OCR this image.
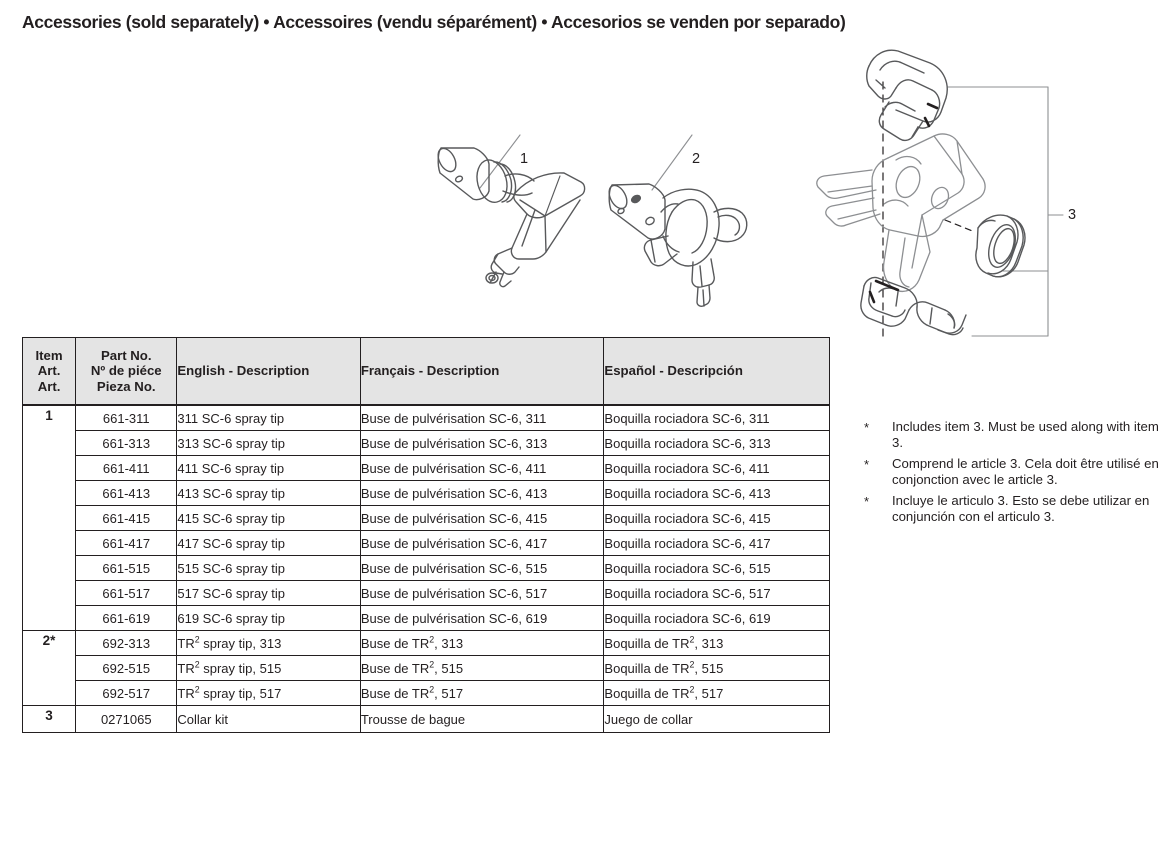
Accessories (sold separately) • Accessoires (vendu séparément) • Accesorios se venden por separado)
1	2
3
Item
Art.
Art.

Part No.
Nº de piéce
Pieza No.
	English - Description	Français - Description	Español - Descripción
1	661-311	311 SC-6 spray tip	Buse de pulvérisation SC-6, 311	Boquilla rociadora SC-6, 311
	661-313	313 SC-6 spray tip	Buse de pulvérisation SC-6, 313	Boquilla rociadora SC-6, 313
	661-411	411 SC-6 spray tip	Buse de pulvérisation SC-6, 411	Boquilla rociadora SC-6, 411
	661-413	413 SC-6 spray tip	Buse de pulvérisation SC-6, 413	Boquilla rociadora SC-6, 413
	661-415	415 SC-6 spray tip	Buse de pulvérisation SC-6, 415	Boquilla rociadora SC-6, 415
	661-417	417 SC-6 spray tip	Buse de pulvérisation SC-6, 417	Boquilla rociadora SC-6, 417
	661-515	515 SC-6 spray tip	Buse de pulvérisation SC-6, 515	Boquilla rociadora SC-6, 515
	661-517	517 SC-6 spray tip	Buse de pulvérisation SC-6, 517	Boquilla rociadora SC-6, 517
	661-619	619 SC-6 spray tip	Buse de pulvérisation SC-6, 619	Boquilla rociadora SC-6, 619
2*	692-313	$TR^2$ spray tip, 313	Buse de $TR^2$, 313	Boquilla de $TR^2$, 313
	692-515	$TR^2$ spray tip, 515	Buse de $TR^2$, 515	Boquilla de $TR^2$, 515
	692-517	$TR^2$ spray tip, 517	Buse de $TR^2$, 517	Boquilla de $TR^2$, 517
3	0271065	Collar kit	Trousse de bague	Juego de collar
* Includes item 3. Must be used along with item 3.
* Comprend le article 3. Cela doit être utilisé en conjonction avec le article 3.
* Incluye le articulo 3. Esto se debe utilizar en conjunción con el articulo 3.
